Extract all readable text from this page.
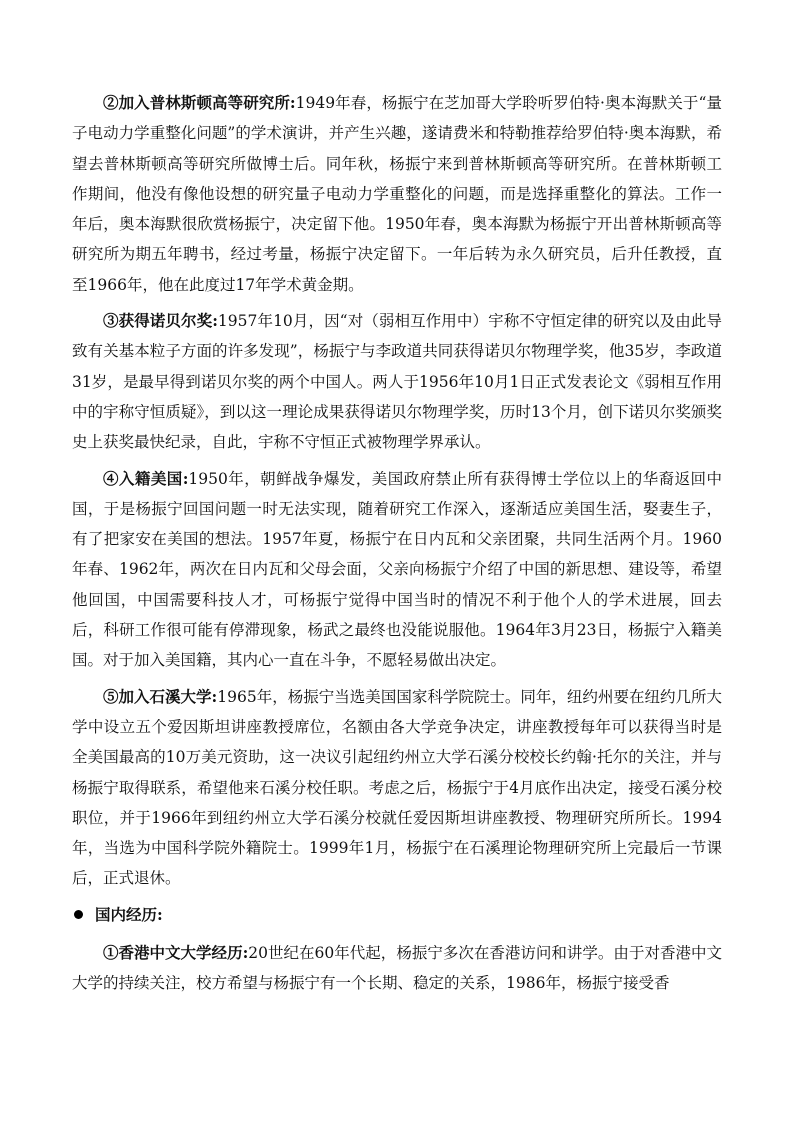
②加入普林斯顿高等研究所:1949年春，杨振宁在芝加哥大学聆听罗伯特·奥本海默关于“量子电动力学重整化问题”的学术演讲，并产生兴趣，遂请费米和特勒推荐给罗伯特·奥本海默，希望去普林斯顿高等研究所做博士后。同年秋，杨振宁来到普林斯顿高等研究所。在普林斯顿工作期间，他没有像他设想的研究量子电动力学重整化的问题，而是选择重整化的算法。工作一年后，奥本海默很欣赏杨振宁，决定留下他。1950年春，奥本海默为杨振宁开出普林斯顿高等研究所为期五年聘书，经过考量，杨振宁决定留下。一年后转为永久研究员，后升任教授，直至1966年，他在此度过17年学术黄金期。

③获得诺贝尔奖:1957年10月，因“对（弱相互作用中）宇称不守恒定律的研究以及由此导致有关基本粒子方面的许多发现”，杨振宁与李政道共同获得诺贝尔物理学奖，他35岁，李政道31岁，是最早得到诺贝尔奖的两个中国人。两人于1956年10月1日正式发表论文《弱相互作用中的宇称守恒质疑》，到以这一理论成果获得诺贝尔物理学奖，历时13个月，创下诺贝尔奖颁奖史上获奖最快纪录，自此，宇称不守恒正式被物理学界承认。

④入籍美国:1950年，朝鲜战争爆发，美国政府禁止所有获得博士学位以上的华裔返回中国，于是杨振宁回国问题一时无法实现，随着研究工作深入，逐渐适应美国生活，娶妻生子，有了把家安在美国的想法。1957年夏，杨振宁在日内瓦和父亲团聚，共同生活两个月。1960年春、1962年，两次在日内瓦和父母会面，父亲向杨振宁介绍了中国的新思想、建设等，希望他回国，中国需要科技人才，可杨振宁觉得中国当时的情况不利于他个人的学术进展，回去后，科研工作很可能有停滞现象，杨武之最终也没能说服他。1964年3月23日，杨振宁入籍美国。对于加入美国籍，其内心一直在斗争，不愿轻易做出决定。

⑤加入石溪大学:1965年，杨振宁当选美国国家科学院院士。同年，纽约州要在纽约几所大学中设立五个爱因斯坦讲座教授席位，名额由各大学竞争决定，讲座教授每年可以获得当时是全美国最高的10万美元资助，这一决议引起纽约州立大学石溪分校校长约翰·托尔的关注，并与杨振宁取得联系，希望他来石溪分校任职。考虑之后，杨振宁于4月底作出决定，接受石溪分校职位，并于1966年到纽约州立大学石溪分校就任爱因斯坦讲座教授、物理研究所所长。1994年，当选为中国科学院外籍院士。1999年1月，杨振宁在石溪理论物理研究所上完最后一节课后，正式退休。

国内经历:

①香港中文大学经历:20世纪在60年代起，杨振宁多次在香港访问和讲学。由于对香港中文大学的持续关注，校方希望与杨振宁有一个长期、稳定的关系，1986年，杨振宁接受香
